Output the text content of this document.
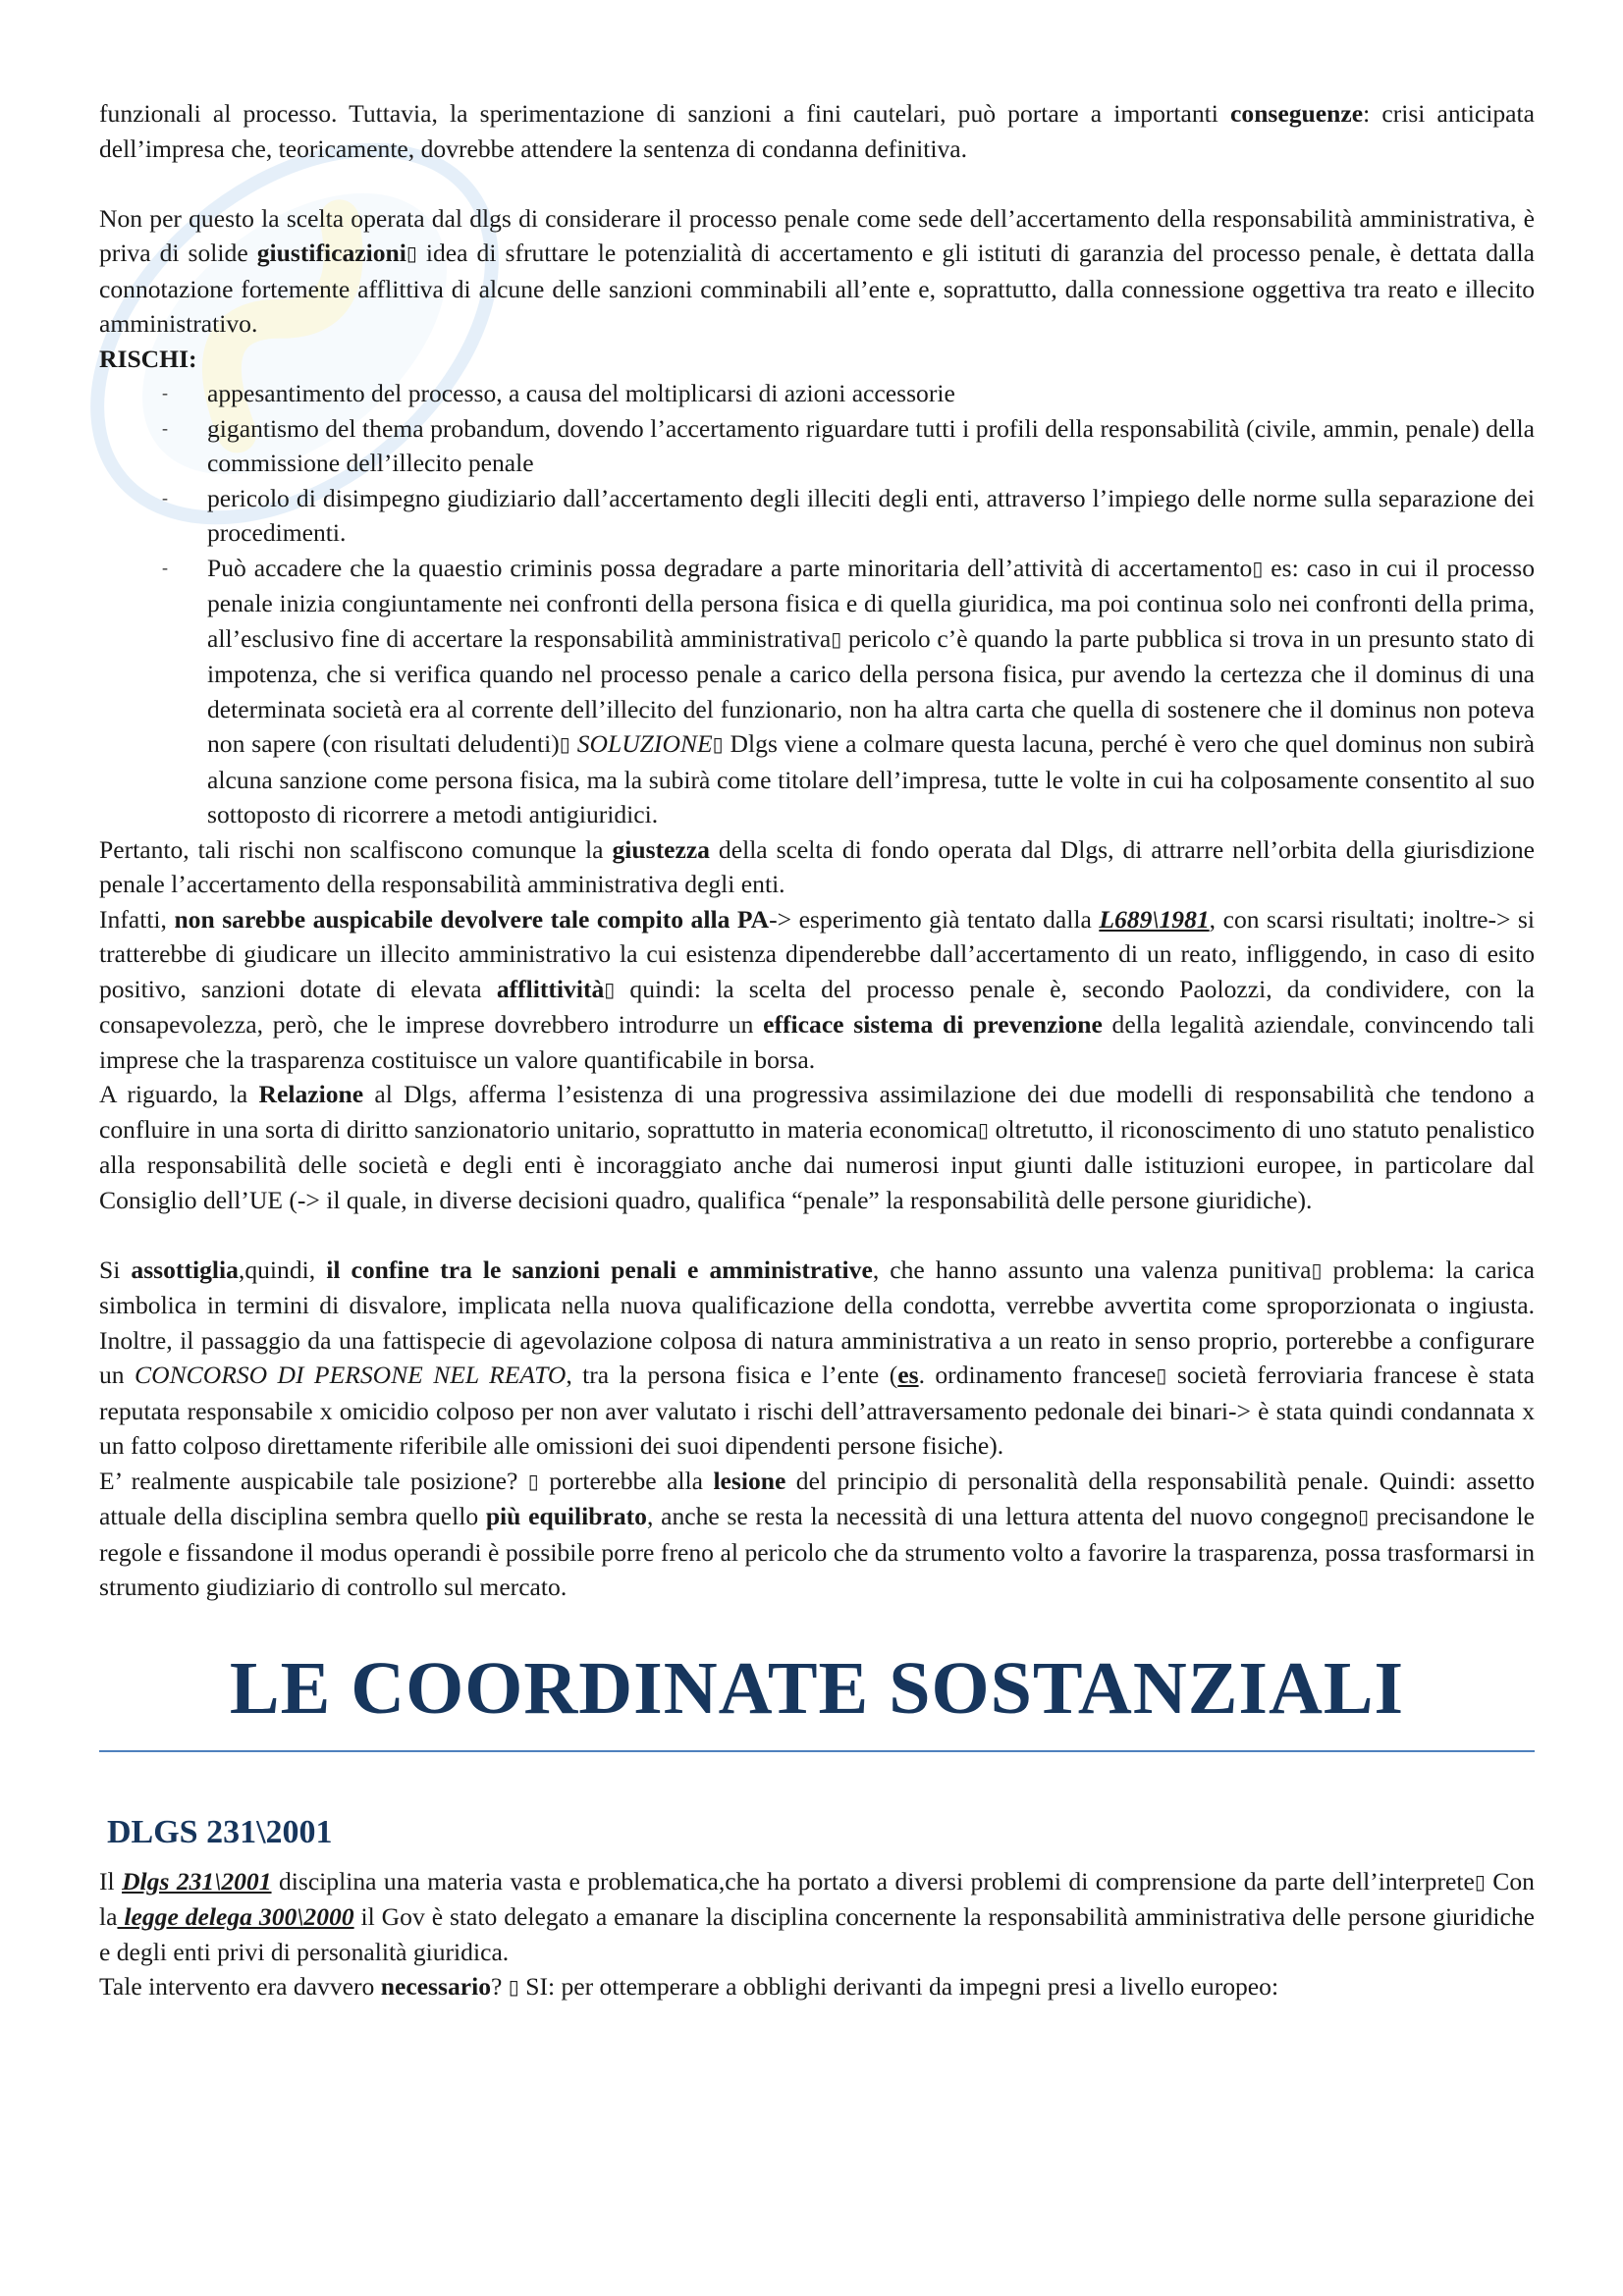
funzionali al processo. Tuttavia, la sperimentazione di sanzioni a fini cautelari, può portare a importanti conseguenze: crisi anticipata dell’impresa che, teoricamente, dovrebbe attendere la sentenza di condanna definitiva.

Non per questo la scelta operata dal dlgs di considerare il processo penale come sede dell’accertamento della responsabilità amministrativa, è priva di solide giustificazioni▯ idea di sfruttare le potenzialità di accertamento e gli istituti di garanzia del processo penale, è dettata dalla connotazione fortemente afflittiva di alcune delle sanzioni comminabili all’ente e, soprattutto, dalla connessione oggettiva tra reato e illecito amministrativo.

RISCHI:
- appesantimento del processo, a causa del moltiplicarsi di azioni accessorie
- gigantismo del thema probandum, dovendo l’accertamento riguardare tutti i profili della responsabilità (civile, ammin, penale) della commissione dell’illecito penale
- pericolo di disimpegno giudiziario dall’accertamento degli illeciti degli enti, attraverso l’impiego delle norme sulla separazione dei procedimenti.
- Può accadere che la quaestio criminis possa degradare a parte minoritaria dell’attività di accertamento▯ es: caso in cui il processo penale inizia congiuntamente nei confronti della persona fisica e di quella giuridica, ma poi continua solo nei confronti della prima, all’esclusivo fine di accertare la responsabilità amministrativa▯ pericolo c’è quando la parte pubblica si trova in un presunto stato di impotenza, che si verifica quando nel processo penale a carico della persona fisica, pur avendo la certezza che il dominus di una determinata società era al corrente dell’illecito del funzionario, non ha altra carta che quella di sostenere che il dominus non poteva non sapere (con risultati deludenti)▯ SOLUZIONE▯ Dlgs viene a colmare questa lacuna, perché è vero che quel dominus non subirà alcuna sanzione come persona fisica, ma la subirà come titolare dell’impresa, tutte le volte in cui ha colposamente consentito al suo sottoposto di ricorrere a metodi antigiuridici.

Pertanto, tali rischi non scalfiscono comunque la giustezza della scelta di fondo operata dal Dlgs, di attrarre nell’orbita della giurisdizione penale l’accertamento della responsabilità amministrativa degli enti.

Infatti, non sarebbe auspicabile devolvere tale compito alla PA-> esperimento già tentato dalla L689\1981, con scarsi risultati; inoltre-> si tratterebbe di giudicare un illecito amministrativo la cui esistenza dipenderebbe dall’accertamento di un reato, infliggendo, in caso di esito positivo, sanzioni dotate di elevata afflittività▯ quindi: la scelta del processo penale è, secondo Paolozzi, da condividere, con la consapevolezza, però, che le imprese dovrebbero introdurre un efficace sistema di prevenzione della legalità aziendale, convincendo tali imprese che la trasparenza costituisce un valore quantificabile in borsa.

A riguardo, la Relazione al Dlgs, afferma l’esistenza di una progressiva assimilazione dei due modelli di responsabilità che tendono a confluire in una sorta di diritto sanzionatorio unitario, soprattutto in materia economica▯ oltretutto, il riconoscimento di uno statuto penalistico alla responsabilità delle società e degli enti è incoraggiato anche dai numerosi input giunti dalle istituzioni europee, in particolare dal Consiglio dell’UE (-> il quale, in diverse decisioni quadro, qualifica “penale” la responsabilità delle persone giuridiche).

Si assottiglia,quindi, il confine tra le sanzioni penali e amministrative, che hanno assunto una valenza punitiva▯ problema: la carica simbolica in termini di disvalore, implicata nella nuova qualificazione della condotta, verrebbe avvertita come sproporzionata o ingiusta. Inoltre, il passaggio da una fattispecie di agevolazione colposa di natura amministrativa a un reato in senso proprio, porterebbe a configurare un CONCORSO DI PERSONE NEL REATO, tra la persona fisica e l’ente (es. ordinamento francese▯ società ferroviaria francese è stata reputata responsabile x omicidio colposo per non aver valutato i rischi dell’attraversamento pedonale dei binari-> è stata quindi condannata x un fatto colposo direttamente riferibile alle omissioni dei suoi dipendenti persone fisiche).

E’ realmente auspicabile tale posizione? ▯ porterebbe alla lesione del principio di personalità della responsabilità penale. Quindi: assetto attuale della disciplina sembra quello più equilibrato, anche se resta la necessità di una lettura attenta del nuovo congegno▯ precisandone le regole e fissandone il modus operandi è possibile porre freno al pericolo che da strumento volto a favorire la trasparenza, possa trasformarsi in strumento giudiziario di controllo sul mercato.

LE COORDINATE SOSTANZIALI
DLGS 231\2001

Il Dlgs 231\2001 disciplina una materia vasta e problematica,che ha portato a diversi problemi di comprensione da parte dell’interprete▯ Con la legge delega 300\2000 il Gov è stato delegato a emanare la disciplina concernente la responsabilità amministrativa delle persone giuridiche e degli enti privi di personalità giuridica.

Tale intervento era davvero necessario? ▯ SI: per ottemperare a obblighi derivanti da impegni presi a livello europeo:
